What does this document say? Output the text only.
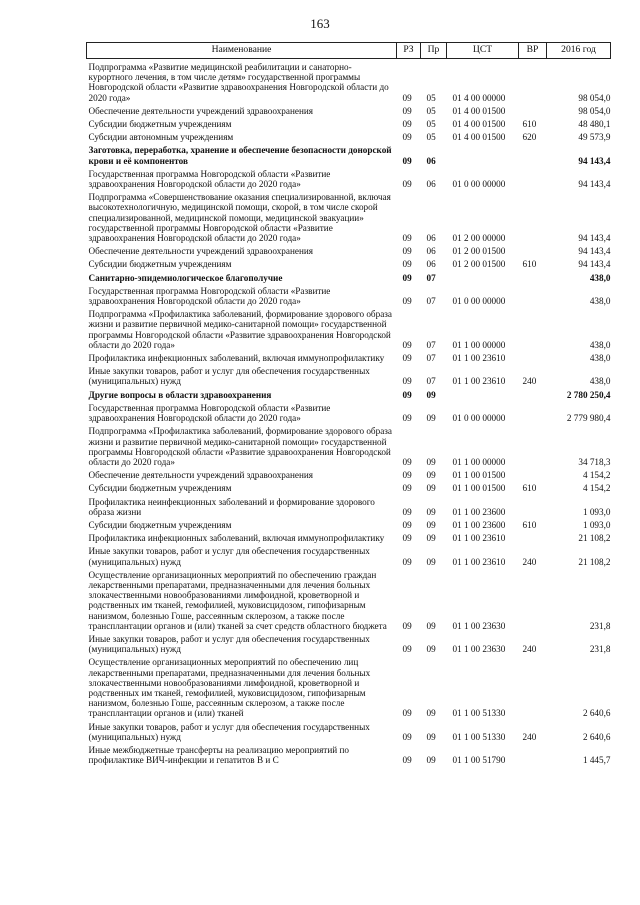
163
Наименование	РЗ	Пр	ЦСТ	ВР	2016 год
Подпрограмма «Развитие медицинской реабилитации и санаторно-курортного лечения, в том числе детям» государственной программы Новгородской области «Развитие здравоохранения Новгородской области до 2020 года»	09	05	01 4 00 00000		98 054,0
Обеспечение деятельности учреждений здравоохранения	09	05	01 4 00 01500		98 054,0
Субсидии бюджетным учреждениям	09	05	01 4 00 01500	610	48 480,1
Субсидии автономным учреждениям	09	05	01 4 00 01500	620	49 573,9
Заготовка, переработка, хранение и обеспечение безопасности донорской крови и её компонентов	09	06			94 143,4
Государственная программа Новгородской области «Развитие здравоохранения Новгородской области до 2020 года»	09	06	01 0 00 00000		94 143,4
Подпрограмма «Совершенствование оказания специализированной, включая высокотехнологичную, медицинской помощи, скорой, в том числе скорой специализированной, медицинской помощи, медицинской эвакуации» государственной программы Новгородской области «Развитие здравоохранения Новгородской области до 2020 года»	09	06	01 2 00 00000		94 143,4
Обеспечение деятельности учреждений здравоохранения	09	06	01 2 00 01500		94 143,4
Субсидии бюджетным учреждениям	09	06	01 2 00 01500	610	94 143,4
Санитарно-эпидемиологическое благополучие	09	07			438,0
Государственная программа Новгородской области «Развитие здравоохранения Новгородской области до 2020 года»	09	07	01 0 00 00000		438,0
Подпрограмма «Профилактика заболеваний, формирование здорового образа жизни и развитие первичной медико-санитарной помощи» государственной программы Новгородской области «Развитие здравоохранения Новгородской области до 2020 года»	09	07	01 1 00 00000		438,0
Профилактика инфекционных заболеваний, включая иммунопрофилактику	09	07	01 1 00 23610		438,0
Иные закупки товаров, работ и услуг для обеспечения государственных (муниципальных) нужд	09	07	01 1 00 23610	240	438,0
Другие вопросы в области здравоохранения	09	09			2 780 250,4
Государственная программа Новгородской области «Развитие здравоохранения Новгородской области до 2020 года»	09	09	01 0 00 00000		2 779 980,4
Подпрограмма «Профилактика заболеваний, формирование здорового образа жизни и развитие первичной медико-санитарной помощи» государственной программы Новгородской области «Развитие здравоохранения Новгородской области до 2020 года»	09	09	01 1 00 00000		34 718,3
Обеспечение деятельности учреждений здравоохранения	09	09	01 1 00 01500		4 154,2
Субсидии бюджетным учреждениям	09	09	01 1 00 01500	610	4 154,2
Профилактика неинфекционных заболеваний и формирование здорового образа жизни	09	09	01 1 00 23600		1 093,0
Субсидии бюджетным учреждениям	09	09	01 1 00 23600	610	1 093,0
Профилактика инфекционных заболеваний, включая иммунопрофилактику	09	09	01 1 00 23610		21 108,2
Иные закупки товаров, работ и услуг для обеспечения государственных (муниципальных) нужд	09	09	01 1 00 23610	240	21 108,2
Осуществление организационных мероприятий по обеспечению граждан лекарственными препаратами, предназначенными для лечения больных злокачественными новообразованиями лимфоидной, кроветворной и родственных им тканей, гемофилией, муковисцидозом, гипофизарным нанизмом, болезнью Гоше, рассеянным склерозом, а также после трансплантации органов и (или) тканей за счет средств областного бюджета	09	09	01 1 00 23630		231,8
Иные закупки товаров, работ и услуг для обеспечения государственных (муниципальных) нужд	09	09	01 1 00 23630	240	231,8
Осуществление организационных мероприятий по обеспечению лиц лекарственными препаратами, предназначенными для лечения больных злокачественными новообразованиями лимфоидной, кроветворной и родственных им тканей, гемофилией, муковисцидозом, гипофизарным нанизмом, болезнью Гоше, рассеянным склерозом, а также после трансплантации органов и (или) тканей	09	09	01 1 00 51330		2 640,6
Иные закупки товаров, работ и услуг для обеспечения государственных (муниципальных) нужд	09	09	01 1 00 51330	240	2 640,6
Иные межбюджетные трансферты на реализацию мероприятий по профилактике ВИЧ-инфекции и гепатитов В и С	09	09	01 1 00 51790		1 445,7
